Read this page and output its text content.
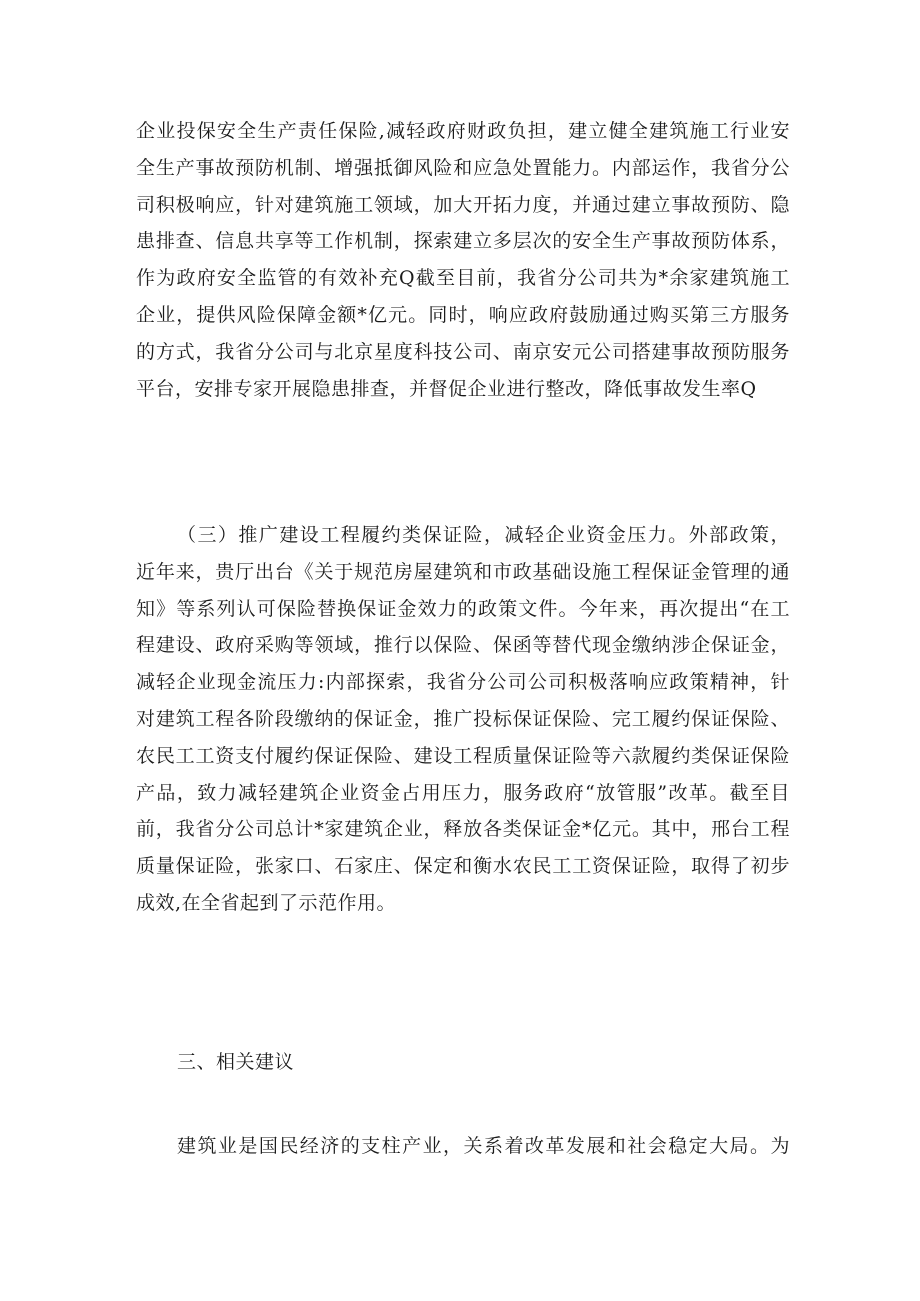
企业投保安全生产责任保险,减轻政府财政负担，建立健全建筑施工行业安
全生产事故预防机制、增强抵御风险和应急处置能力。内部运作，我省分公
司积极响应，针对建筑施工领域，加大开拓力度，并通过建立事故预防、隐
患排查、信息共享等工作机制，探索建立多层次的安全生产事故预防体系，
作为政府安全监管的有效补充Q截至目前，我省分公司共为*余家建筑施工
企业，提供风险保障金额*亿元。同时，响应政府鼓励通过购买第三方服务
的方式，我省分公司与北京星度科技公司、南京安元公司搭建事故预防服务
平台，安排专家开展隐患排查，并督促企业进行整改，降低事故发生率Q
（三）推广建设工程履约类保证险，减轻企业资金压力。外部政策，
近年来，贵厅出台《关于规范房屋建筑和市政基础设施工程保证金管理的通
知》等系列认可保险替换保证金效力的政策文件。今年来，再次提出“在工
程建设、政府采购等领域，推行以保险、保函等替代现金缴纳涉企保证金，
减轻企业现金流压力:内部探索，我省分公司公司积极落响应政策精神，针
对建筑工程各阶段缴纳的保证金，推广投标保证保险、完工履约保证保险、
农民工工资支付履约保证保险、建设工程质量保证险等六款履约类保证保险
产品，致力减轻建筑企业资金占用压力，服务政府“放管服”改革。截至目
前，我省分公司总计*家建筑企业，释放各类保证金*亿元。其中，邢台工程
质量保证险，张家口、石家庄、保定和衡水农民工工资保证险，取得了初步
成效,在全省起到了示范作用。
三、相关建议
建筑业是国民经济的支柱产业，关系着改革发展和社会稳定大局。为
